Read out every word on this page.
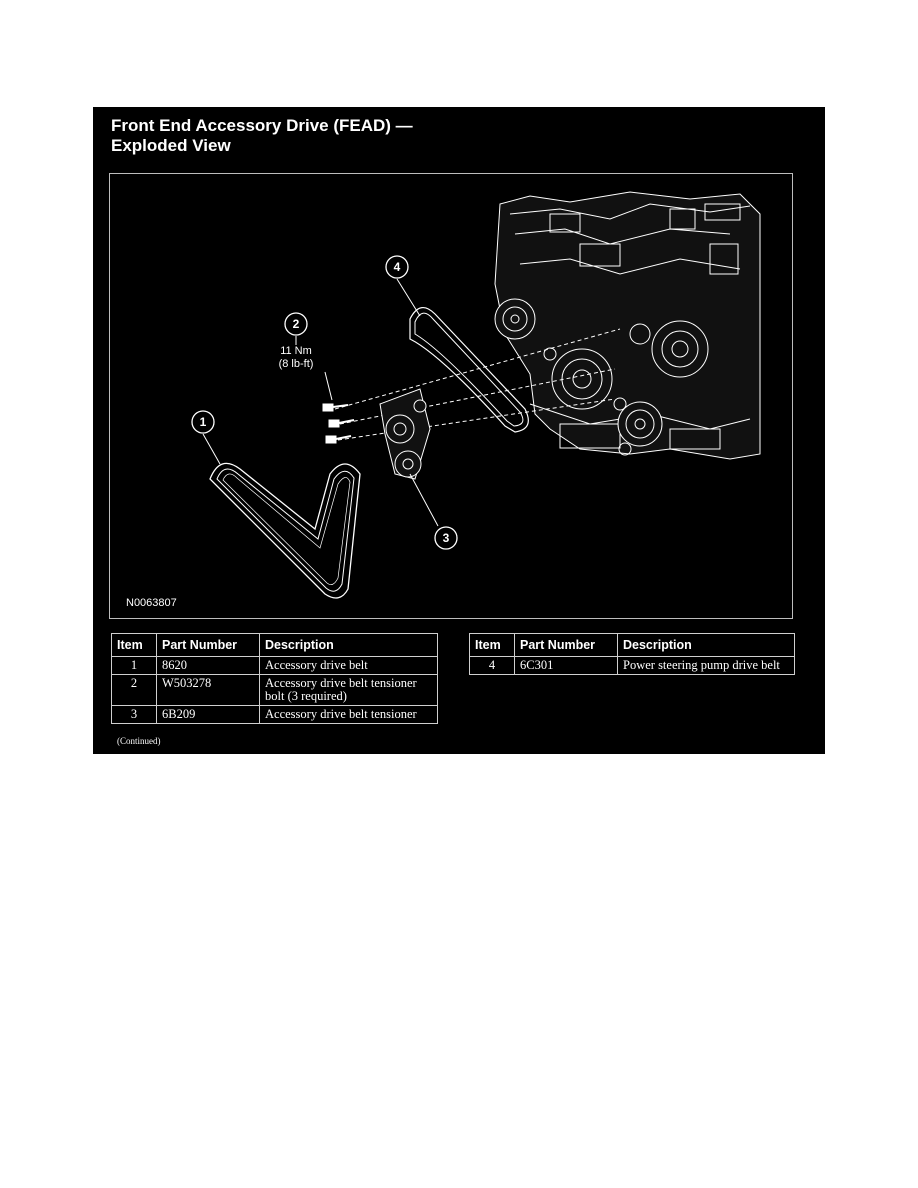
Front End Accessory Drive (FEAD) —
Exploded View
1
2
11 Nm
(8 lb-ft)
3
4
N0063807
Item	Part Number	Description
1	8620	Accessory drive belt
2	W503278	Accessory drive belt tensioner bolt (3 required)
3	6B209	Accessory drive belt tensioner
Item	Part Number	Description
4	6C301	Power steering pump drive belt
(Continued)
